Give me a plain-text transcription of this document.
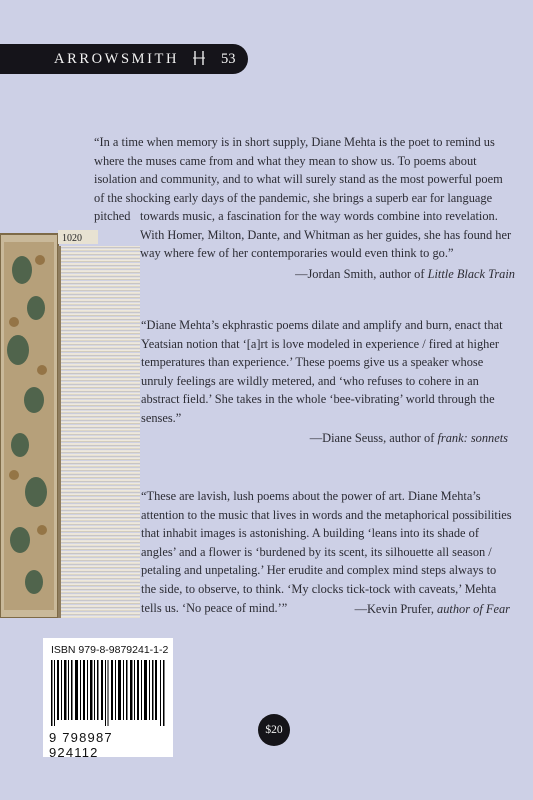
ARROWSMITH	53
1020

“In a time when memory is in short supply, Diane Mehta is the poet to remind us where the muses came from and what they mean to show us. To poems about isolation and community, and to what will surely stand as the most powerful poem of the shocking early days of the pandemic, she brings a superb ear for language pitched towards music, a fascination for the way words combine into revelation. With Homer, Milton, Dante, and Whitman as her guides, she has found her way where few of her contemporaries would even think to go.”

—Jordan Smith, author of Little Black Train

“Diane Mehta’s ekphrastic poems dilate and amplify and burn, enact that Yeatsian notion that ‘[a]rt is love modeled in experience / fired at higher temperatures than experience.’ These poems give us a speaker whose unruly feelings are wildly metered, and ‘who refuses to cohere in an abstract field.’ She takes in the whole ‘bee-vibrating’ world through the senses.”

—Diane Seuss, author of frank: sonnets

“These are lavish, lush poems about the power of art. Diane Mehta’s attention to the music that lives in words and the metaphorical possibilities that inhabit images is astonishing. A building ‘leans into its shade of angles’ and a flower is ‘burdened by its scent, its silhouette all season / petaling and unpetaling.’ Her erudite and complex mind steps always to the side, to observe, to think. ‘My clocks tick-tock with caveats,’ Mehta tells us. ‘No peace of mind.’”	—Kevin Prufer, author of Fear
ISBN 979-8-9879241-1-2
9 798987 924112
$20
